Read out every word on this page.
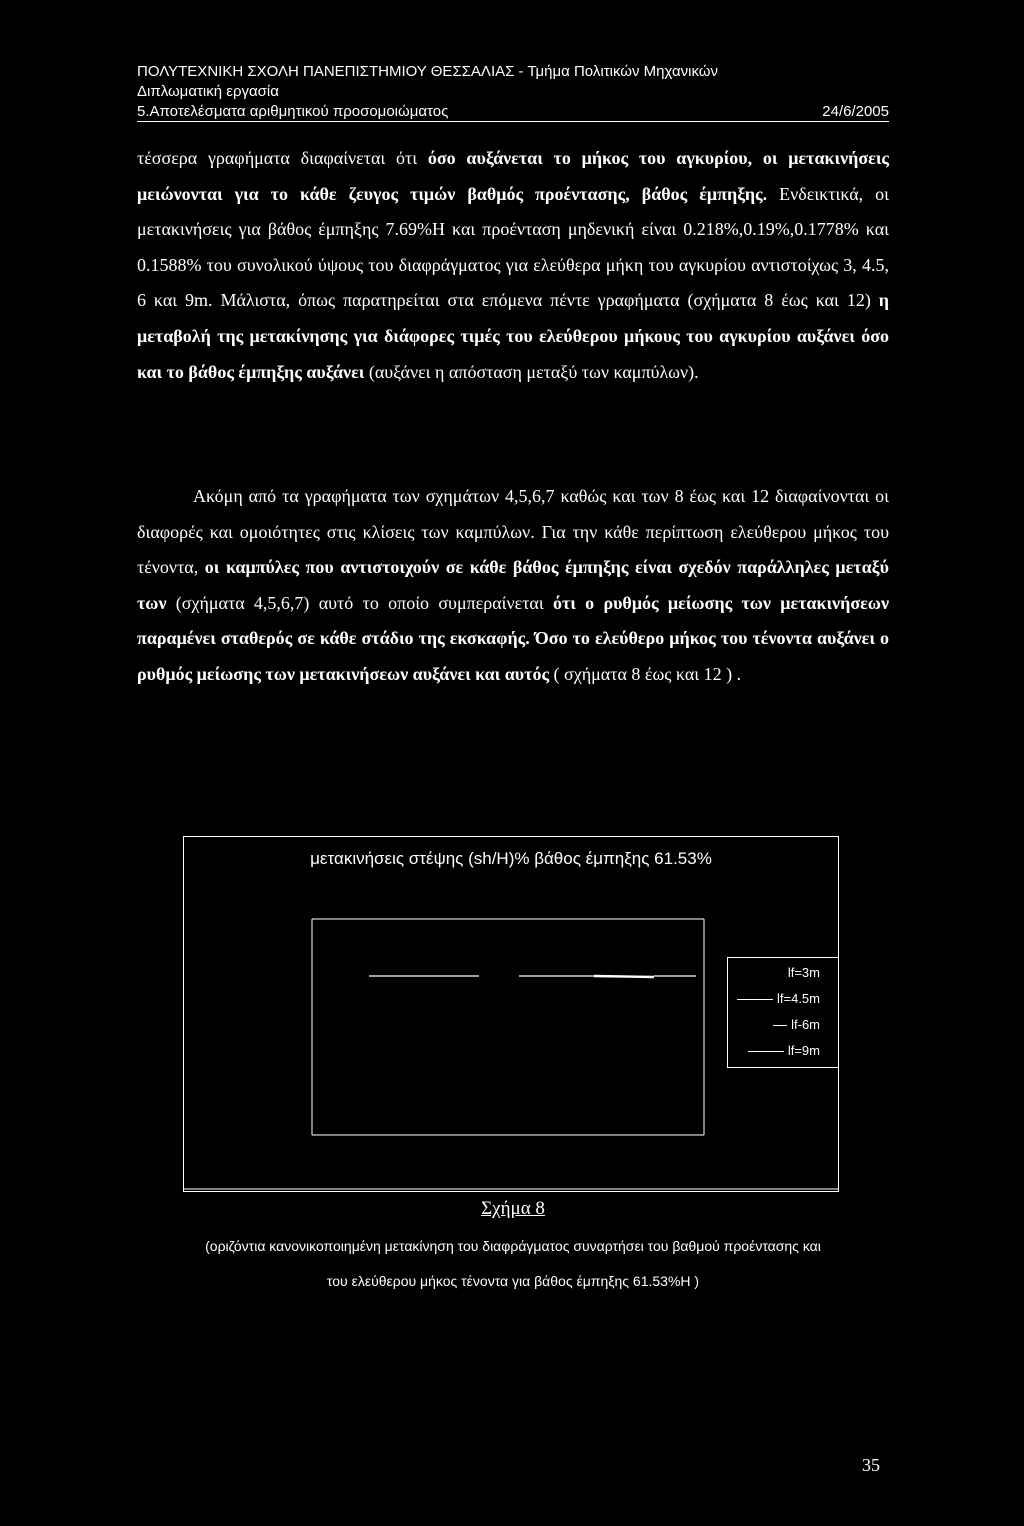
ΠΟΛΥΤΕΧΝΙΚΗ ΣΧΟΛΗ ΠΑΝΕΠΙΣΤΗΜΙΟΥ ΘΕΣΣΑΛΙΑΣ - Τμήμα Πολιτικών Μηχανικών
Διπλωματική εργασία
5.Αποτελέσματα αριθμητικού προσομοιώματος	24/6/2005

τέσσερα γραφήματα διαφαίνεται ότι όσο αυξάνεται το μήκος του αγκυρίου, οι μετακινήσεις μειώνονται για το κάθε ζευγος τιμών βαθμός προέντασης, βάθος έμπηξης. Ενδεικτικά, οι μετακινήσεις για βάθος έμπηξης 7.69%Η και προένταση μηδενική είναι 0.218%,0.19%,0.1778% και 0.1588% του συνολικού ύψους του διαφράγματος για ελεύθερα μήκη του αγκυρίου αντιστοίχως 3, 4.5, 6 και 9m. Μάλιστα, όπως παρατηρείται στα επόμενα πέντε γραφήματα (σχήματα 8 έως και 12) η μεταβολή της μετακίνησης για διάφορες τιμές του ελεύθερου μήκους του αγκυρίου αυξάνει όσο και το βάθος έμπηξης αυξάνει (αυξάνει η απόσταση μεταξύ των καμπύλων).

Ακόμη από τα γραφήματα των σχημάτων 4,5,6,7 καθώς και των 8 έως και 12 διαφαίνονται οι διαφορές και ομοιότητες στις κλίσεις των καμπύλων. Για την κάθε περίπτωση ελεύθερου μήκος του τένοντα, οι καμπύλες που αντιστοιχούν σε κάθε βάθος έμπηξης είναι σχεδόν παράλληλες μεταξύ των (σχήματα 4,5,6,7) αυτό το οποίο συμπεραίνεται ότι ο ρυθμός μείωσης των μετακινήσεων παραμένει σταθερός σε κάθε στάδιο της εκσκαφής. Όσο το ελεύθερο μήκος του τένοντα αυξάνει ο ρυθμός μείωσης των μετακινήσεων αυξάνει και αυτός ( σχήματα 8 έως και 12 ) .

μετακινήσεις στέψης (sh/H)% βάθος έμπηξης 61.53%
lf=3m
lf=4.5m
lf-6m
lf=9m
Σχήμα 8
(οριζόντια κανονικοποιημένη μετακίνηση του διαφράγματος συναρτήσει του βαθμού προέντασης και
του ελεύθερου μήκος τένοντα για βάθος έμπηξης 61.53%Η )
35
